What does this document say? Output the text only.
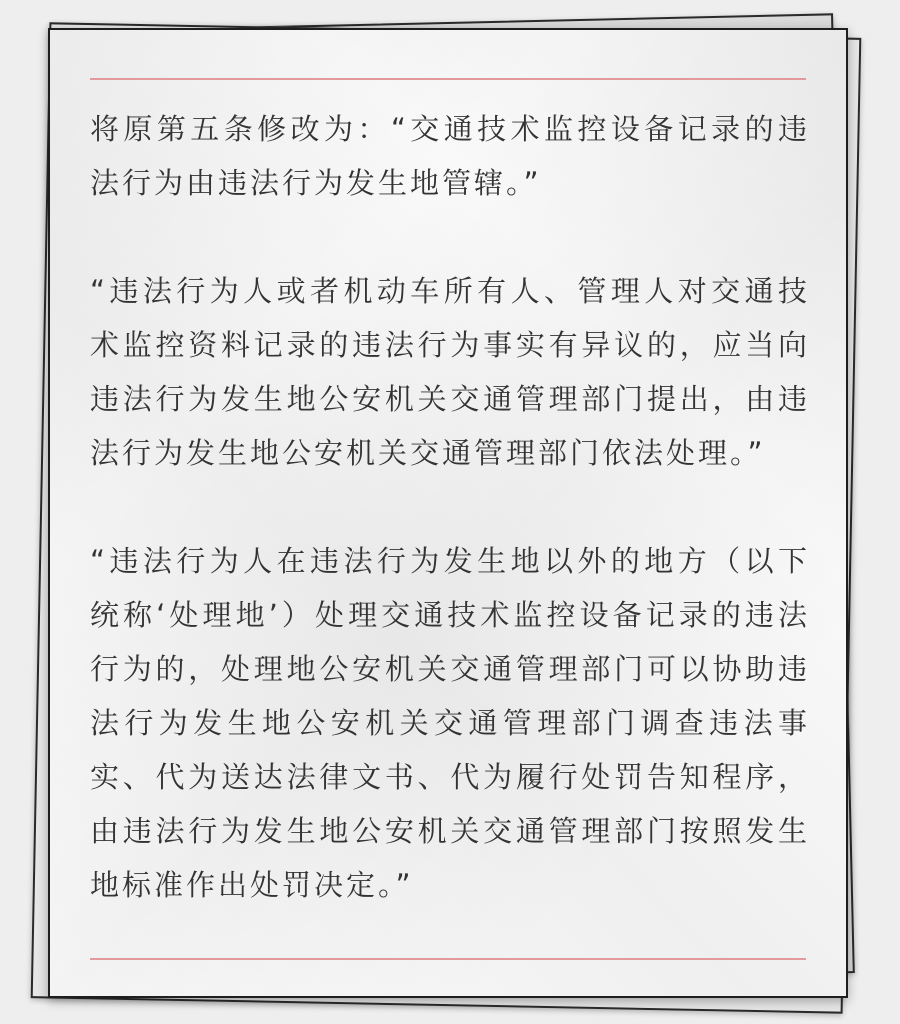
将原第五条修改为：“交通技术监控设备记录的违法行为由违法行为发生地管辖。”

“违法行为人或者机动车所有人、管理人对交通技术监控资料记录的违法行为事实有异议的，应当向违法行为发生地公安机关交通管理部门提出，由违法行为发生地公安机关交通管理部门依法处理。”

“违法行为人在违法行为发生地以外的地方（以下统称‘处理地’）处理交通技术监控设备记录的违法行为的，处理地公安机关交通管理部门可以协助违法行为发生地公安机关交通管理部门调查违法事实、代为送达法律文书、代为履行处罚告知程序，由违法行为发生地公安机关交通管理部门按照发生地标准作出处罚决定。”
